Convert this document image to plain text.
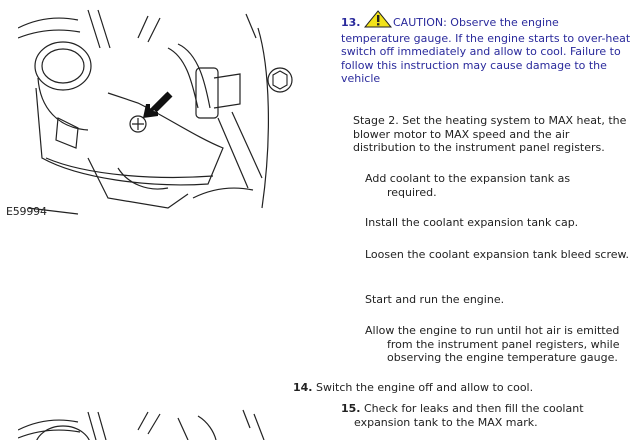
E59994
13.	CAUTION: Observe the engine temperature gauge. If the engine starts to over-heat switch off immediately and allow to cool. Failure to follow this instruction may cause damage to the vehicle
Stage 2. Set the heating system to MAX heat, the blower motor to MAX speed and the air distribution to the instrument panel registers.
Add coolant to the expansion tank as required.
Install the coolant expansion tank cap.
Loosen the coolant expansion tank bleed screw.
Start and run the engine.
Allow the engine to run until hot air is emitted from the instrument panel registers, while observing the engine temperature gauge.
14. Switch the engine off and allow to cool.
15. Check for leaks and then fill the coolant expansion tank to the MAX mark.
